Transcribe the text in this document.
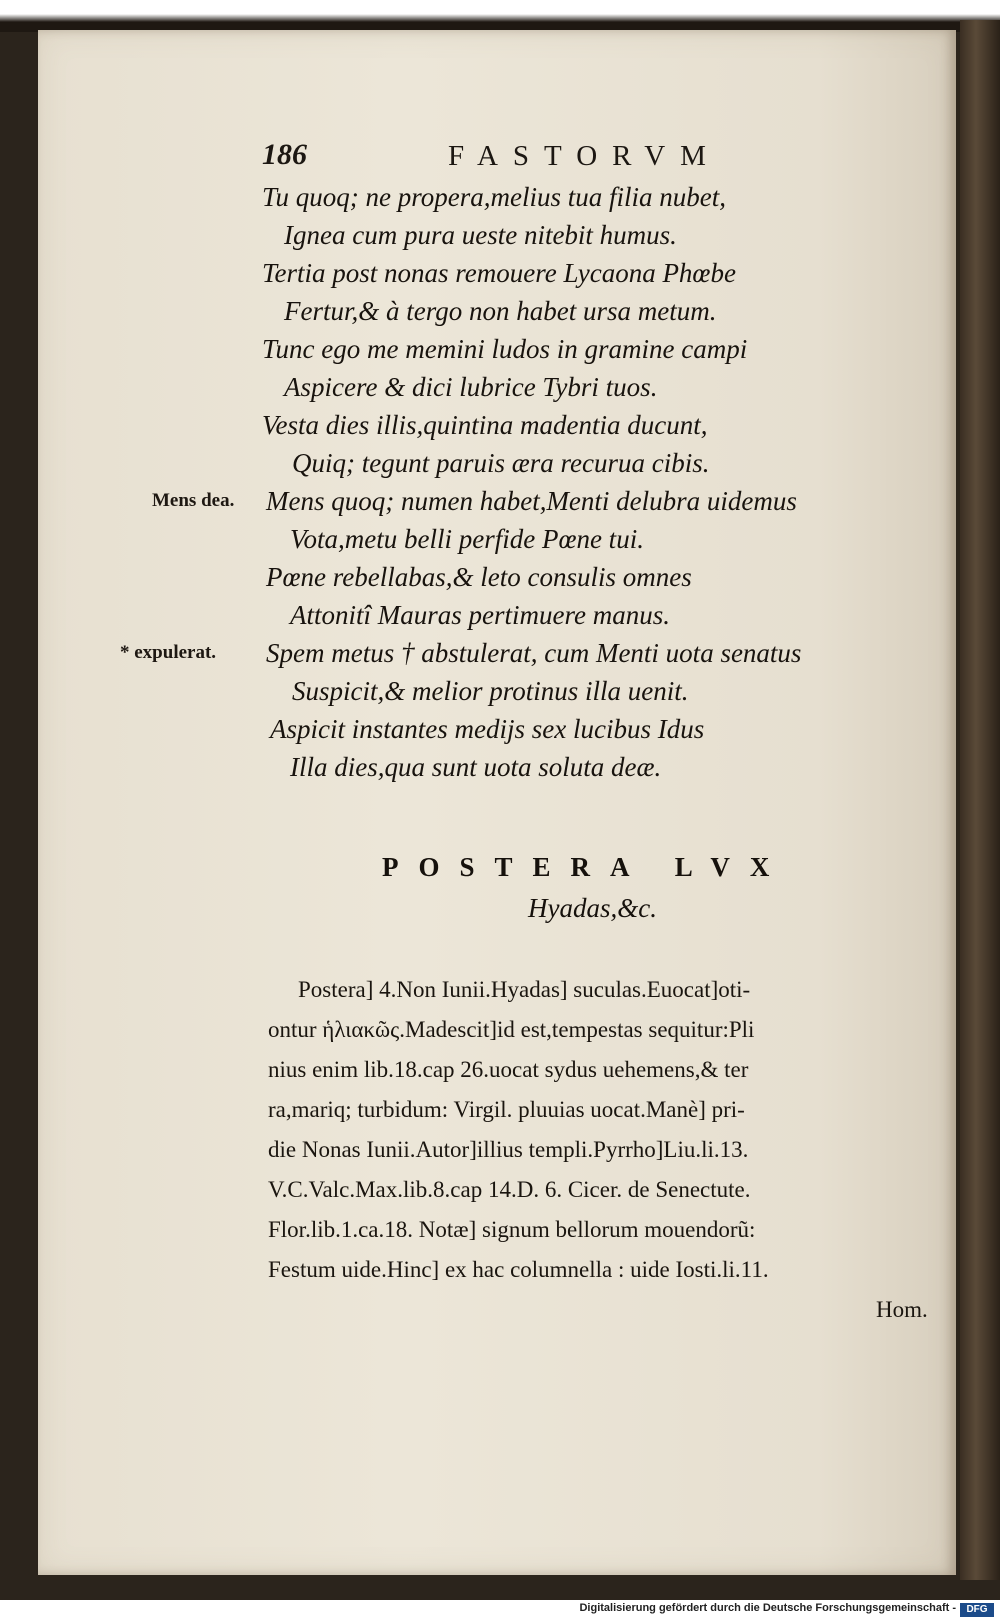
186	FASTORVM
Tu quoq; ne propera,melius tua filia nubet,
Ignea cum pura ueste nitebit humus.
Tertia post nonas remouere Lycaona Phœbe
Fertur,& à tergo non habet ursa metum.
Tunc ego me memini ludos in gramine campi
Aspicere & dici lubrice Tybri tuos.
Vesta dies illis,quintina madentia ducunt,
Quiq; tegunt paruis æra recurua cibis.
Mens quoq; numen habet,Menti delubra uidemus
Vota,metu belli perfide Pœne tui.
Pœne rebellabas,& leto consulis omnes
Attonitî Mauras pertimuere manus.
Spem metus † abstulerat, cum Menti uota senatus
Suspicit,& melior protinus illa uenit.
Aspicit instantes medijs sex lucibus Idus
Illa dies,qua sunt uota soluta deæ.
Mens dea.
* expulerat.
POSTERA LVX
Hyadas,&c.
Postera] 4.Non Iunii.Hyadas] suculas.Euocat]oti-
ontur ἡλιακῶς.Madescit]id est,tempestas sequitur:Pli
nius enim lib.18.cap 26.uocat sydus uehemens,& ter
ra,mariq; turbidum: Virgil. pluuias uocat.Manè] pri-
die Nonas Iunii.Autor]illius templi.Pyrrho]Liu.li.13.
V.C.Valc.Max.lib.8.cap 14.D. 6. Cicer. de Senectute.
Flor.lib.1.ca.18. Notæ] signum bellorum mouendorũ:
Festum uide.Hinc] ex hac columnella : uide Iosti.li.11.
Hom.
Digitalisierung gefördert durch die Deutsche Forschungsgemeinschaft -	DFG
